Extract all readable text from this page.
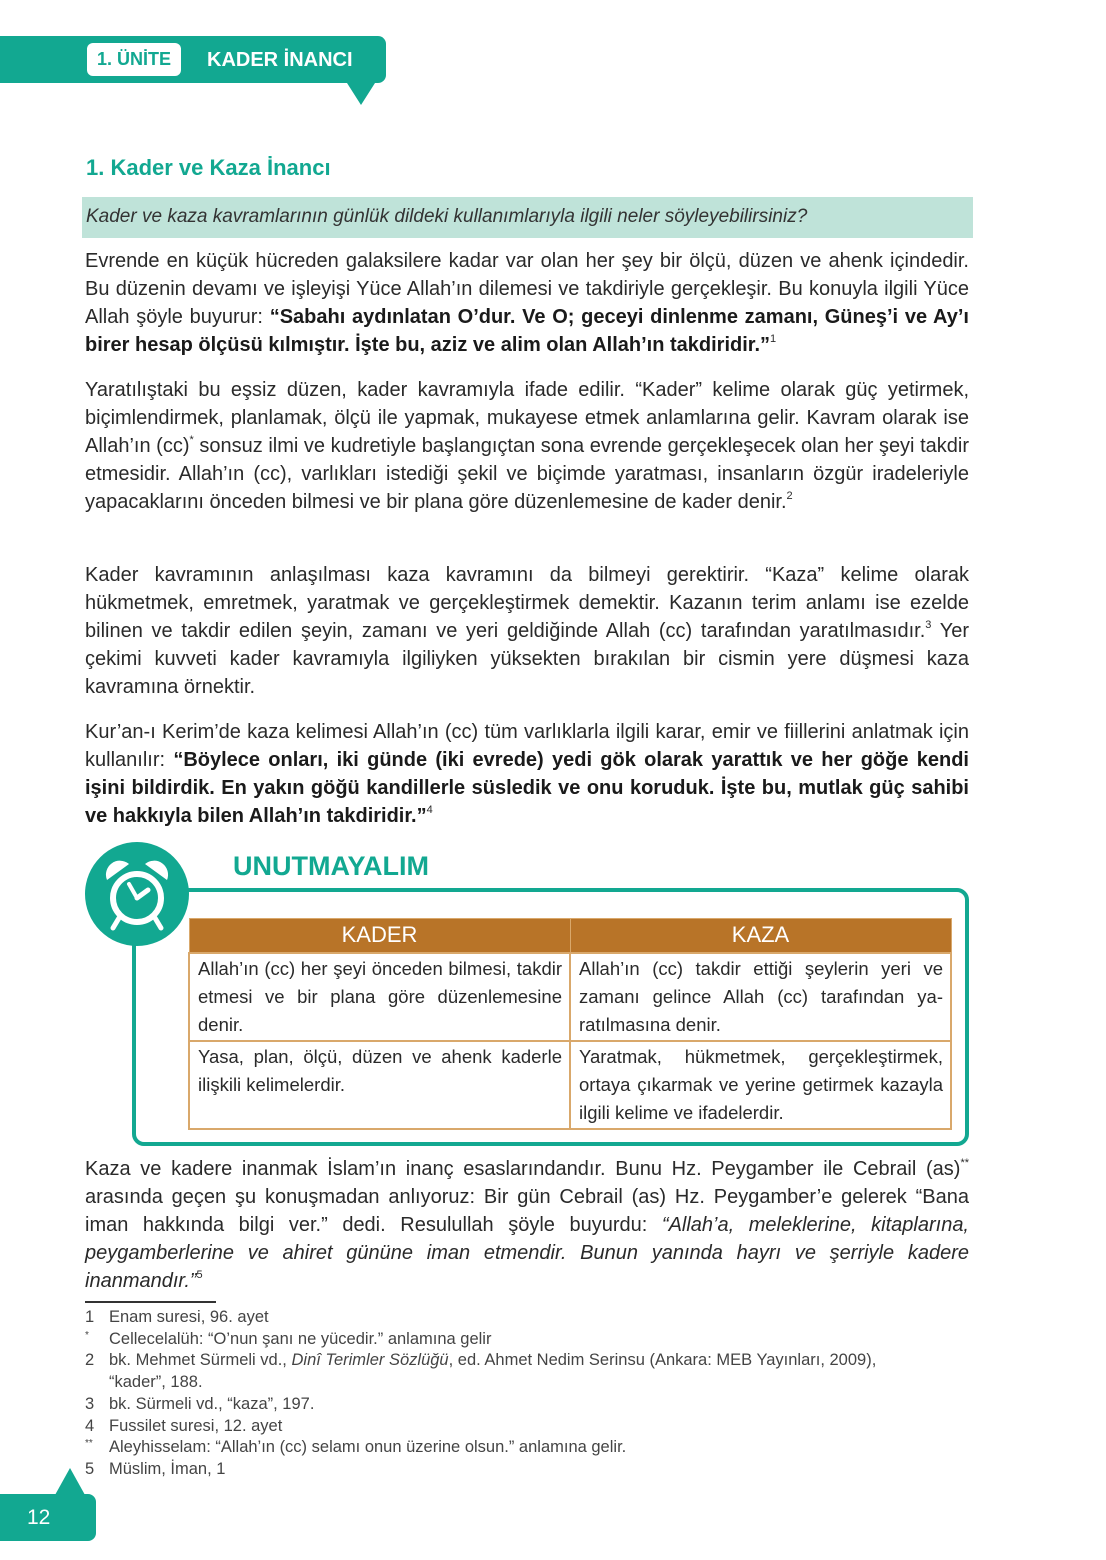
1. ÜNİTE	KADER İNANCI
1. Kader ve Kaza İnancı
Kader ve kaza kavramlarının günlük dildeki kullanımlarıyla ilgili neler söyleyebilirsiniz?

Evrende en küçük hücreden galaksilere kadar var olan her şey bir ölçü, düzen ve ahenk içindedir. Bu düzenin devamı ve işleyişi Yüce Allah’ın dilemesi ve takdiriyle gerçekleşir. Bu konuyla ilgili Yüce Allah şöyle buyurur: “Sabahı aydınlatan O’dur. Ve O; geceyi dinlenme zamanı, Güneş’i ve Ay’ı birer hesap ölçüsü kılmıştır. İşte bu, aziz ve alim olan Allah’ın takdiridir.”$^1$

Yaratılıştaki bu eşsiz düzen, kader kavramıyla ifade edilir. “Kader” kelime olarak güç yetirmek, biçimlendirmek, planlamak, ölçü ile yapmak, mukayese etmek anlamlarına gelir. Kavram olarak ise Allah’ın (cc)* sonsuz ilmi ve kudretiyle başlangıçtan sona evrende gerçekleşecek olan her şeyi takdir etmesidir. Allah’ın (cc), varlıkları istediği şekil ve biçimde yaratması, insanların özgür iradeleriyle yapacaklarını önceden bilmesi ve bir plana göre düzenlemesine de kader denir.$^2$

Kader kavramının anlaşılması kaza kavramını da bilmeyi gerektirir. “Kaza” kelime olarak hükmetmek, emretmek, yaratmak ve gerçekleştirmek demektir. Kazanın terim anlamı ise ezelde bilinen ve takdir edilen şeyin, zamanı ve yeri geldiğinde Allah (cc) tarafından yaratılmasıdır.$^3$ Yer çekimi kuvveti kader kavramıyla ilgiliyken yüksekten bırakılan bir cismin yere düşmesi kaza kavramına örnektir.

Kur’an-ı Kerim’de kaza kelimesi Allah’ın (cc) tüm varlıklarla ilgili karar, emir ve fiillerini anlatmak için kullanılır: “Böylece onları, iki günde (iki evrede) yedi gök olarak yarattık ve her göğe kendi işini bildirdik. En yakın göğü kandillerle süsledik ve onu koruduk. İşte bu, mutlak güç sahibi ve hakkıyla bilen Allah’ın takdiridir.”$^4$

UNUTMAYALIM
KADER	KAZA
Allah’ın (cc) her şeyi önceden bilmesi, takdir etmesi ve bir plana göre düzenlemesine denir.	Allah’ın (cc) takdir ettiği şeylerin yeri ve zamanı gelince Allah (cc) tarafından yaratılmasına denir.
Yasa, plan, ölçü, düzen ve ahenk kaderle ilişkili kelimelerdir.	Yaratmak, hükmetmek, gerçekleştirmek, ortaya çıkarmak ve yerine getirmek kazayla ilgili kelime ve ifadelerdir.

Kaza ve kadere inanmak İslam’ın inanç esaslarındandır. Bunu Hz. Peygamber ile Cebrail (as)** arasında geçen şu konuşmadan anlıyoruz: Bir gün Cebrail (as) Hz. Peygamber’e gelerek “Bana iman hakkında bilgi ver.” dedi. Resulullah şöyle buyurdu: “Allah’a, meleklerine, kitaplarına, peygamberlerine ve ahiret gününe iman etmendir. Bunun yanında hayrı ve şerriyle kadere inanmandır.”$^5$

1 Enam suresi, 96. ayet
*	Cellecelalüh: “O’nun şanı ne yücedir.” anlamına gelir
2 bk. Mehmet Sürmeli vd., Dinî Terimler Sözlüğü, ed. Ahmet Nedim Serinsu (Ankara: MEB Yayınları, 2009), “kader”, 188.
3 bk. Sürmeli vd., “kaza”, 197.
4 Fussilet suresi, 12. ayet
** Aleyhisselam: “Allah’ın (cc) selamı onun üzerine olsun.” anlamına gelir.
5 Müslim, İman, 1
12
